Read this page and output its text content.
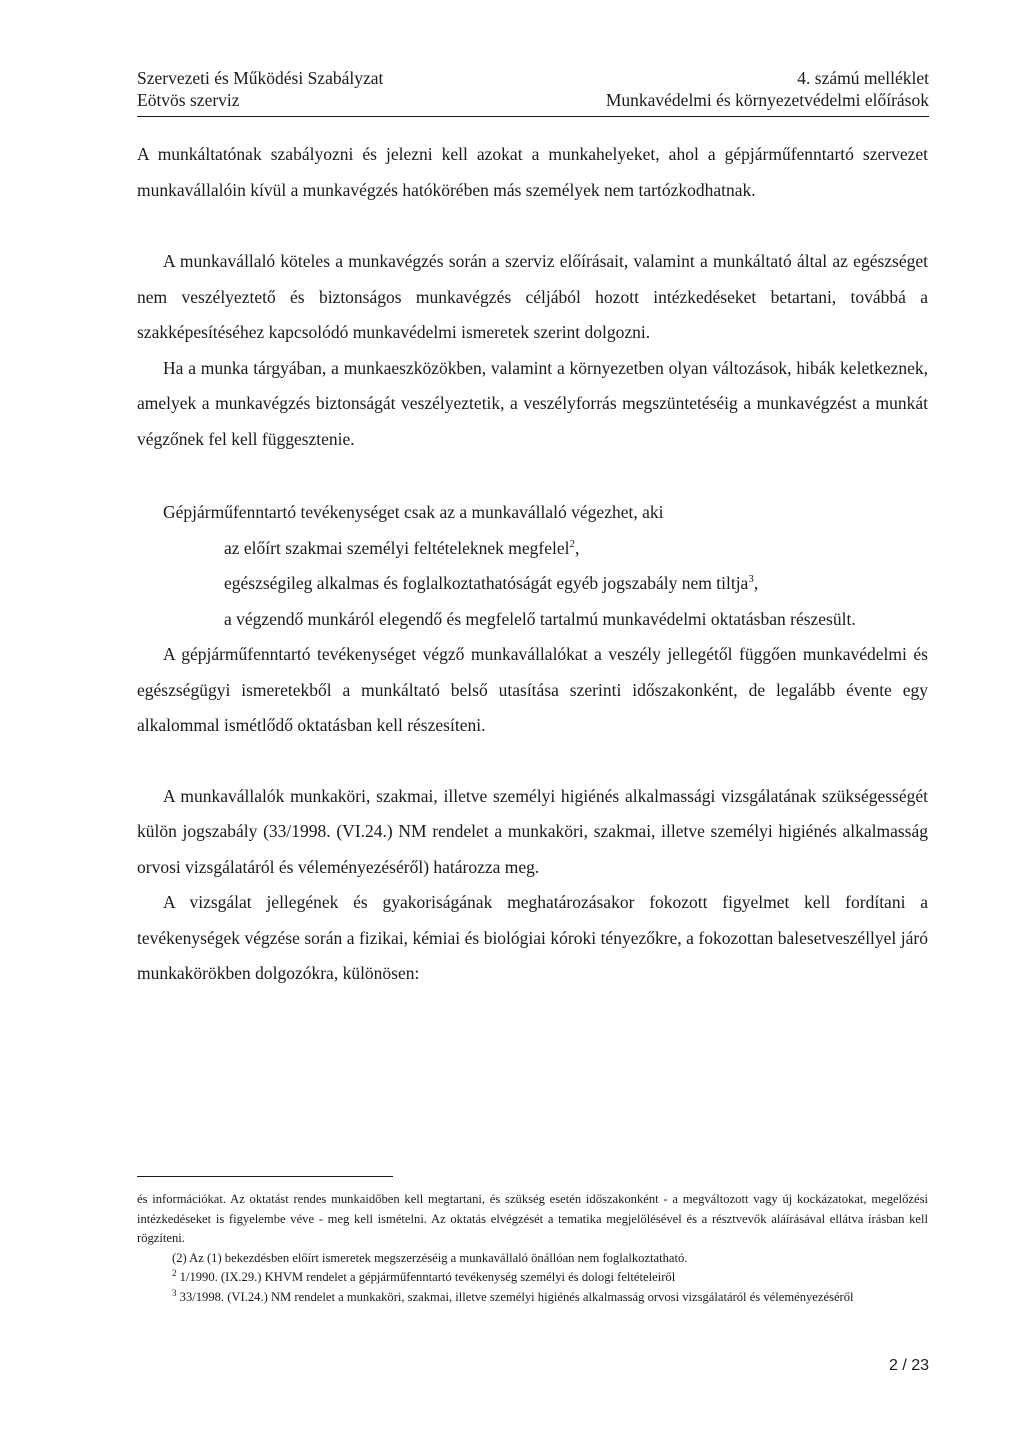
Szervezeti és Működési Szabályzat
Eötvös szerviz
4. számú melléklet
Munkavédelmi és környezetvédelmi előírások

A munkáltatónak szabályozni és jelezni kell azokat a munkahelyeket, ahol a gépjárműfenntartó szervezet munkavállalóin kívül a munkavégzés hatókörében más személyek nem tartózkodhatnak.

A munkavállaló köteles a munkavégzés során a szerviz előírásait, valamint a munkáltató által az egészséget nem veszélyeztető és biztonságos munkavégzés céljából hozott intézkedéseket betartani, továbbá a szakképesítéséhez kapcsolódó munkavédelmi ismeretek szerint dolgozni.

Ha a munka tárgyában, a munkaeszközökben, valamint a környezetben olyan változások, hibák keletkeznek, amelyek a munkavégzés biztonságát veszélyeztetik, a veszélyforrás megszüntetéséig a munkavégzést a munkát végzőnek fel kell függesztenie.

Gépjárműfenntartó tevékenységet csak az a munkavállaló végezhet, aki

az előírt szakmai személyi feltételeknek megfelel$^2$,

egészségileg alkalmas és foglalkoztathatóságát egyéb jogszabály nem tiltja$^3$,

a végzendő munkáról elegendő és megfelelő tartalmú munkavédelmi oktatásban részesült.

A gépjárműfenntartó tevékenységet végző munkavállalókat a veszély jellegétől függően munkavédelmi és egészségügyi ismeretekből a munkáltató belső utasítása szerinti időszakonként, de legalább évente egy alkalommal ismétlődő oktatásban kell részesíteni.

A munkavállalók munkaköri, szakmai, illetve személyi higiénés alkalmassági vizsgálatának szükségességét külön jogszabály (33/1998. (VI.24.) NM rendelet a munkaköri, szakmai, illetve személyi higiénés alkalmasság orvosi vizsgálatáról és véleményezéséről) határozza meg.

A vizsgálat jellegének és gyakoriságának meghatározásakor fokozott figyelmet kell fordítani a tevékenységek végzése során a fizikai, kémiai és biológiai kóroki tényezőkre, a fokozottan balesetveszéllyel járó munkakörökben dolgozókra, különösen:

és információkat. Az oktatást rendes munkaidőben kell megtartani, és szükség esetén időszakonként - a megváltozott vagy új kockázatokat, megelőzési intézkedéseket is figyelembe véve - meg kell ismételni. Az oktatás elvégzését a tematika megjelölésével és a résztvevők aláírásával ellátva írásban kell rögzíteni.

(2) Az (1) bekezdésben előírt ismeretek megszerzéséig a munkavállaló önállóan nem foglalkoztatható.

$^2$ 1/1990. (IX.29.) KHVM rendelet a gépjárműfenntartó tevékenység személyi és dologi feltételeiről

$^3$ 33/1998. (VI.24.) NM rendelet a munkaköri, szakmai, illetve személyi higiénés alkalmasság orvosi vizsgálatáról és véleményezéséről

2 / 23
